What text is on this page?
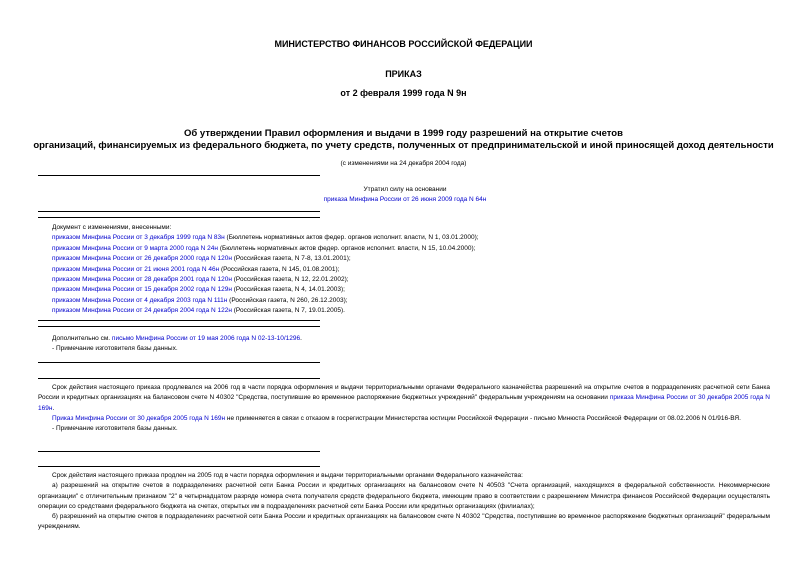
МИНИСТЕРСТВО ФИНАНСОВ РОССИЙСКОЙ ФЕДЕРАЦИИ
ПРИКАЗ
от 2 февраля 1999 года N 9н
Об утверждении Правил оформления и выдачи в 1999 году разрешений на открытие счетов
организаций, финансируемых из федерального бюджета, по учету средств, полученных от предпринимательской и иной приносящей доход деятельности
(с изменениями на 24 декабря 2004 года)
Утратил силу на основании
приказа Минфина России от 26 июня 2009 года N 64н
Документ с изменениями, внесенными:
приказом Минфина России от 3 декабря 1999 года N 83н (Бюллетень нормативных актов федер. органов исполнит. власти, N 1, 03.01.2000);
приказом Минфина России от 9 марта 2000 года N 24н (Бюллетень нормативных актов федер. органов исполнит. власти, N 15, 10.04.2000);
приказом Минфина России от 26 декабря 2000 года N 120н (Российская газета, N 7-8, 13.01.2001);
приказом Минфина России от 21 июня 2001 года N 46н (Российская газета, N 145, 01.08.2001);
приказом Минфина России от 28 декабря 2001 года N 120н (Российская газета, N 12, 22.01.2002);
приказом Минфина России от 15 декабря 2002 года N 129н (Российская газета, N 4, 14.01.2003);
приказом Минфина России от 4 декабря 2003 года N 111н (Российская газета, N 260, 26.12.2003);
приказом Минфина России от 24 декабря 2004 года N 122н (Российская газета, N 7, 19.01.2005).
Дополнительно см. письмо Минфина России от 19 мая 2006 года N 02-13-10/1296.
- Примечание изготовителя базы данных.

Срок действия настоящего приказа продлевался на 2006 год в части порядка оформления и выдачи территориальными органами Федерального казначейства разрешений на открытие счетов в подразделениях расчетной сети Банка России и кредитных организациях на балансовом счете N 40302 "Средства, поступившие во временное распоряжение бюджетных учреждений" федеральным учреждениям на основании приказа Минфина России от 30 декабря 2005 года N 169н.

Приказ Минфина России от 30 декабря 2005 года N 169н не применяется в связи с отказом в госрегистрации Министерства юстиции Российской Федерации - письмо Минюста Российской Федерации от 08.02.2006 N 01/916-ВЯ.

- Примечание изготовителя базы данных.

Срок действия настоящего приказа продлен на 2005 год в части порядка оформления и выдачи территориальными органами Федерального казначейства:

а) разрешений на открытие счетов в подразделениях расчетной сети Банка России и кредитных организациях на балансовом счете N 40503 "Счета организаций, находящихся в федеральной собственности. Некоммерческие организации" с отличительным признаком "2" в четырнадцатом разряде номера счета получателя средств федерального бюджета, имеющим право в соответствии с разрешением Министра финансов Российской Федерации осуществлять операции со средствами федерального бюджета на счетах, открытых им в подразделениях расчетной сети Банка России или кредитных организациях (филиалах);

б) разрешений на открытие счетов в подразделениях расчетной сети Банка России и кредитных организациях на балансовом счете N 40302 "Средства, поступившие во временное распоряжение бюджетных организаций" федеральным учреждениям.
